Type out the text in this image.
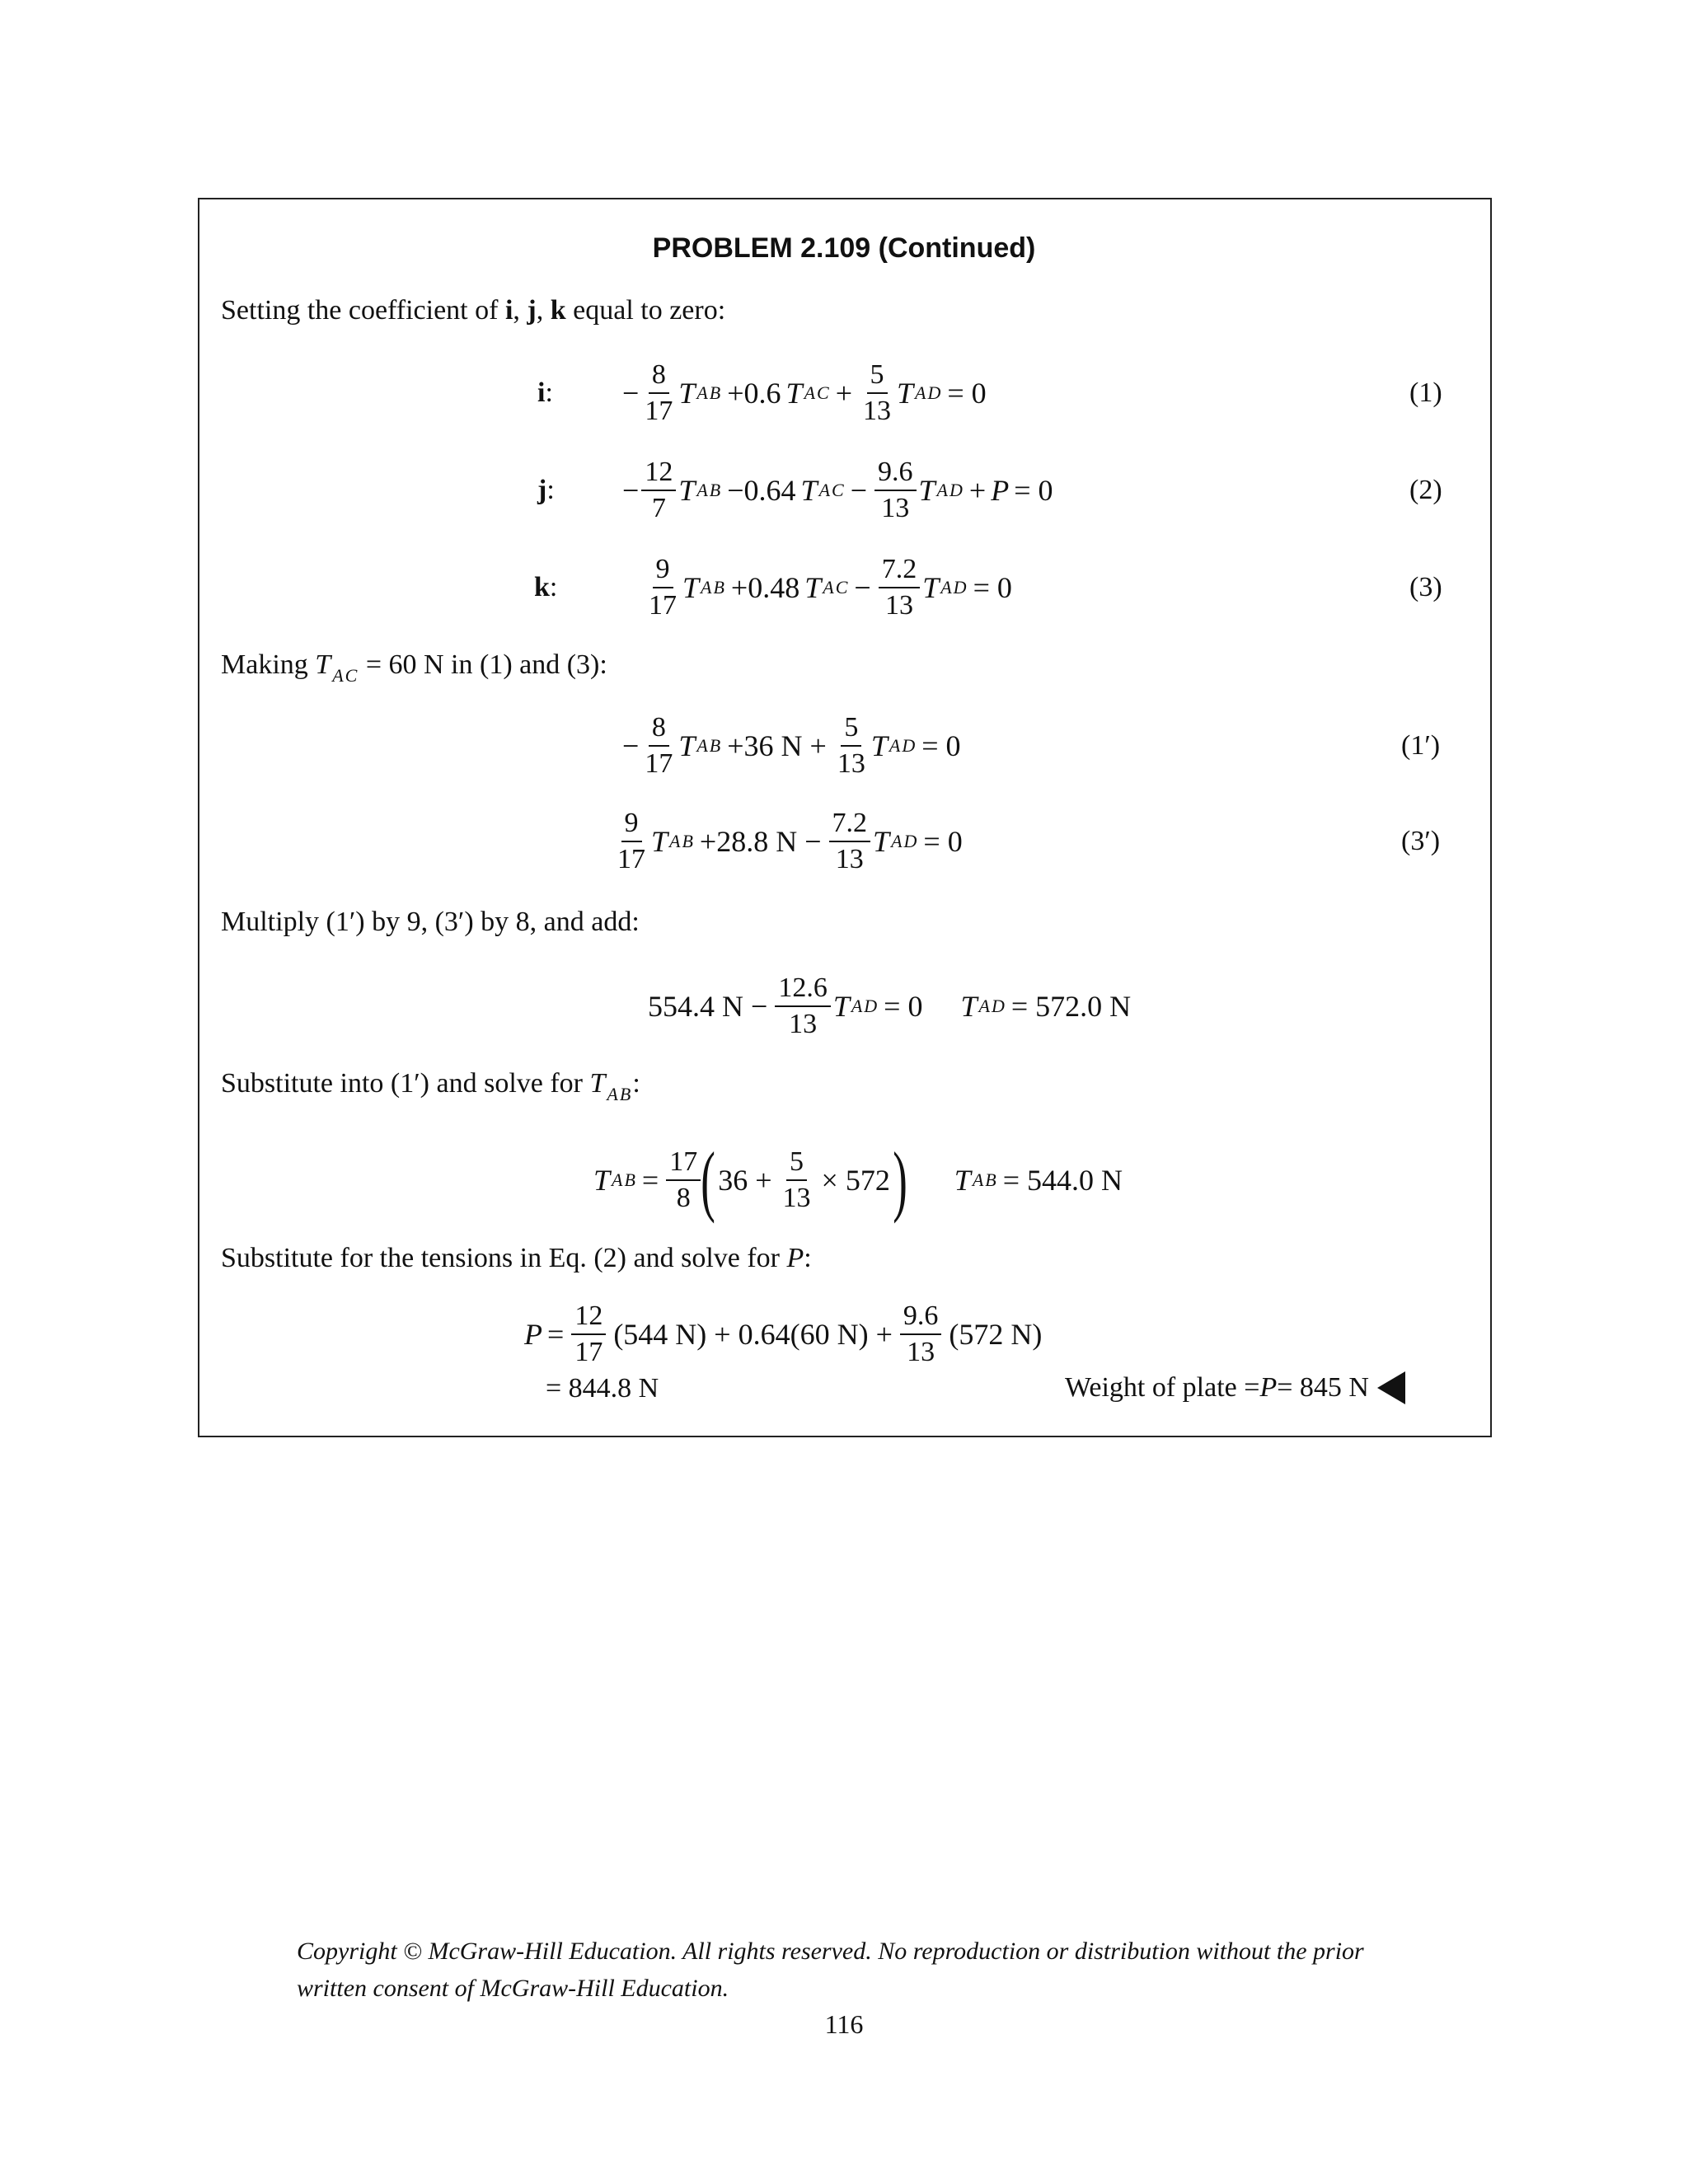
PROBLEM 2.109 (Continued)
Setting the coefficient of i, j, k equal to zero:
i: − $\frac{8}{17}$ T AB +0.6 T AC + $\frac{5}{13}$ T AD = 0	(1)
j: − $\frac{12}{7}$ T AB −0.64 T AC − $\frac{9.6}{13}$ T AD + P = 0	(2)
k:	$\frac{9}{17}$ T AB +0.48 T AC − $\frac{7.2}{13}$ T AD = 0	(3)
Making $T_{AC} = 60$ N in (1) and (3):
− $\frac{8}{17}$ T AB +36 $N + \frac{5}{13}$ T AD = 0	(1′)
$\frac{9}{17}$ T AB +28.8 $N - \frac{7.2}{13}$ T AD = 0	(3′)
Multiply (1′) by 9, (3′) by 8, and add:
554.4 $N - \frac{12.6}{13}$ T AD = 0 T AD = 572.0 N
Substitute into (1′) and solve for $T_{AB}$:
T AB = $\frac{17}{8}$ ( $36 + \frac{5}{13} \times 572$ ) T AB = 544.0 N
Substitute for the tensions in Eq. (2) and solve for P:
$P = \frac{12}{17} (544$ N) + 0.64(60 $N) + \frac{9.6}{13} (572$ N)
= 844.8 N	Weight of plate = P = 845 N
Copyright © McGraw-Hill Education. All rights reserved. No reproduction or distribution without the prior
written consent of McGraw-Hill Education.
116
